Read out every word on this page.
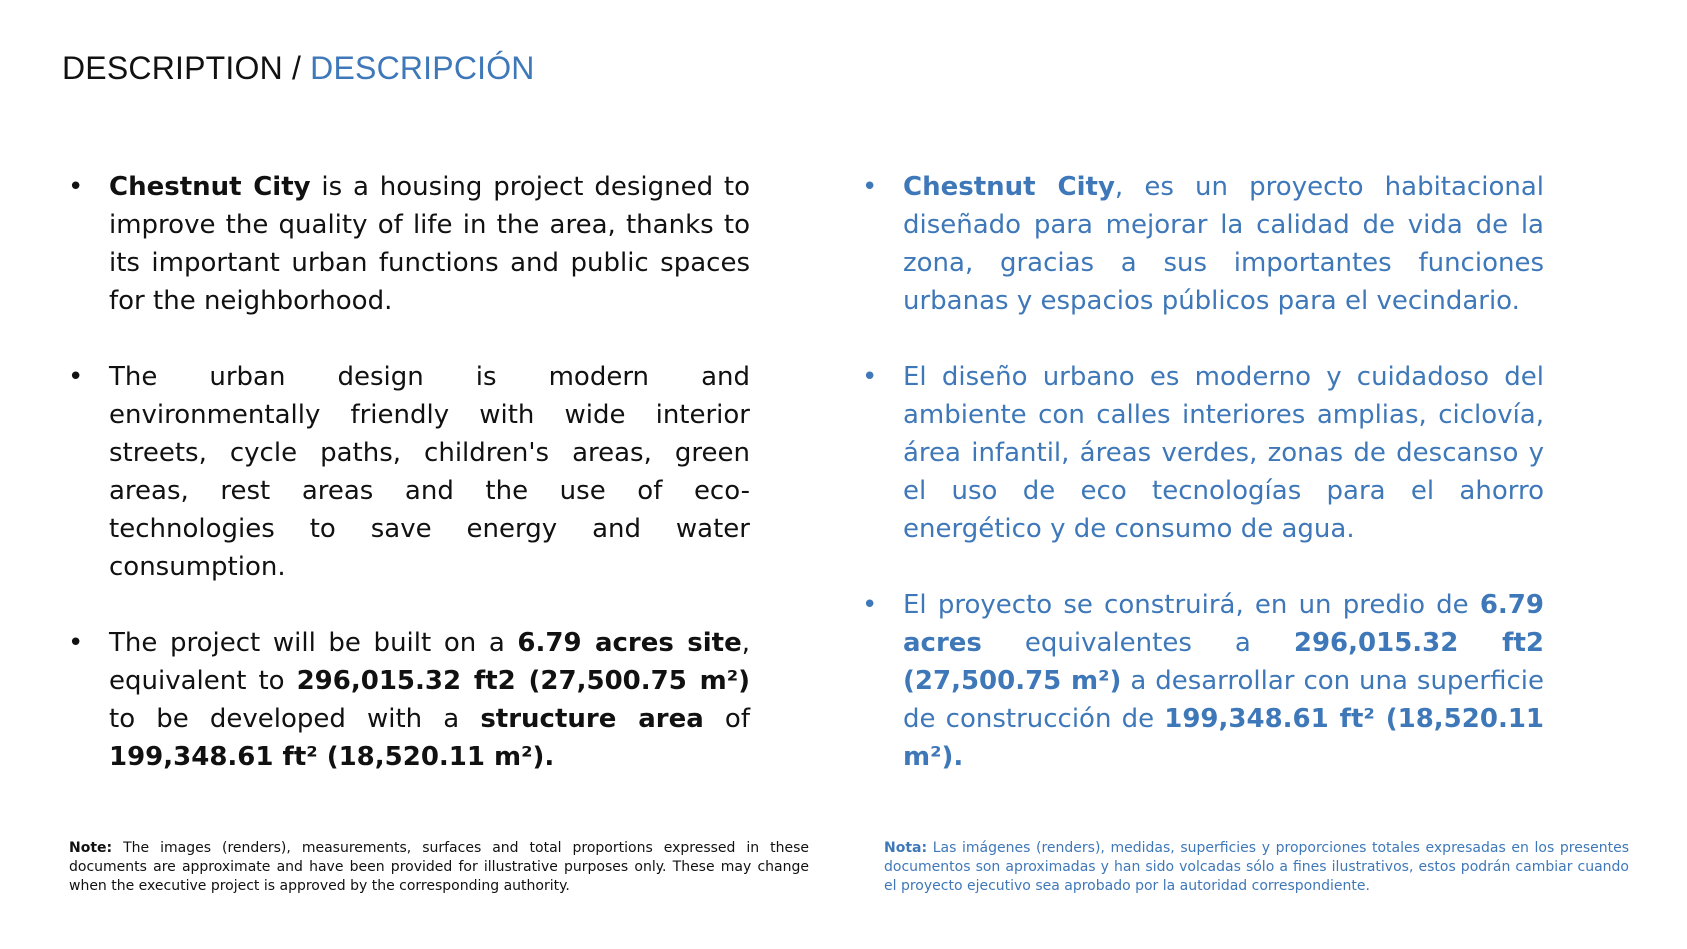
DESCRIPTION / DESCRIPCIÓN
• Chestnut City is a housing project designed to improve the quality of life in the area, thanks to its important urban functions and public spaces for the neighborhood.
• The urban design is modern and environmentally friendly with wide interior streets, cycle paths, children's areas, green areas, rest areas and the use of eco-technologies to save energy and water consumption.
• The project will be built on a 6.79 acres site, equivalent to 296,015.32 ft2 (27,500.75 m²) to be developed with a structure area of 199,348.61 ft² (18,520.11 m²).
• Chestnut City, es un proyecto habitacional diseñado para mejorar la calidad de vida de la zona, gracias a sus importantes funciones urbanas y espacios públicos para el vecindario.
• El diseño urbano es moderno y cuidadoso del ambiente con calles interiores amplias, ciclovía, área infantil, áreas verdes, zonas de descanso y el uso de eco tecnologías para el ahorro energético y de consumo de agua.
• El proyecto se construirá, en un predio de 6.79 acres equivalentes a 296,015.32 ft2 (27,500.75 m²) a desarrollar con una superficie de construcción de 199,348.61 ft² (18,520.11 m²).
Note: The images (renders), measurements, surfaces and total proportions expressed in these documents are approximate and have been provided for illustrative purposes only. These may change when the executive project is approved by the corresponding authority.
Nota: Las imágenes (renders), medidas, superficies y proporciones totales expresadas en los presentes documentos son aproximadas y han sido volcadas sólo a fines ilustrativos, estos podrán cambiar cuando el proyecto ejecutivo sea aprobado por la autoridad correspondiente.
